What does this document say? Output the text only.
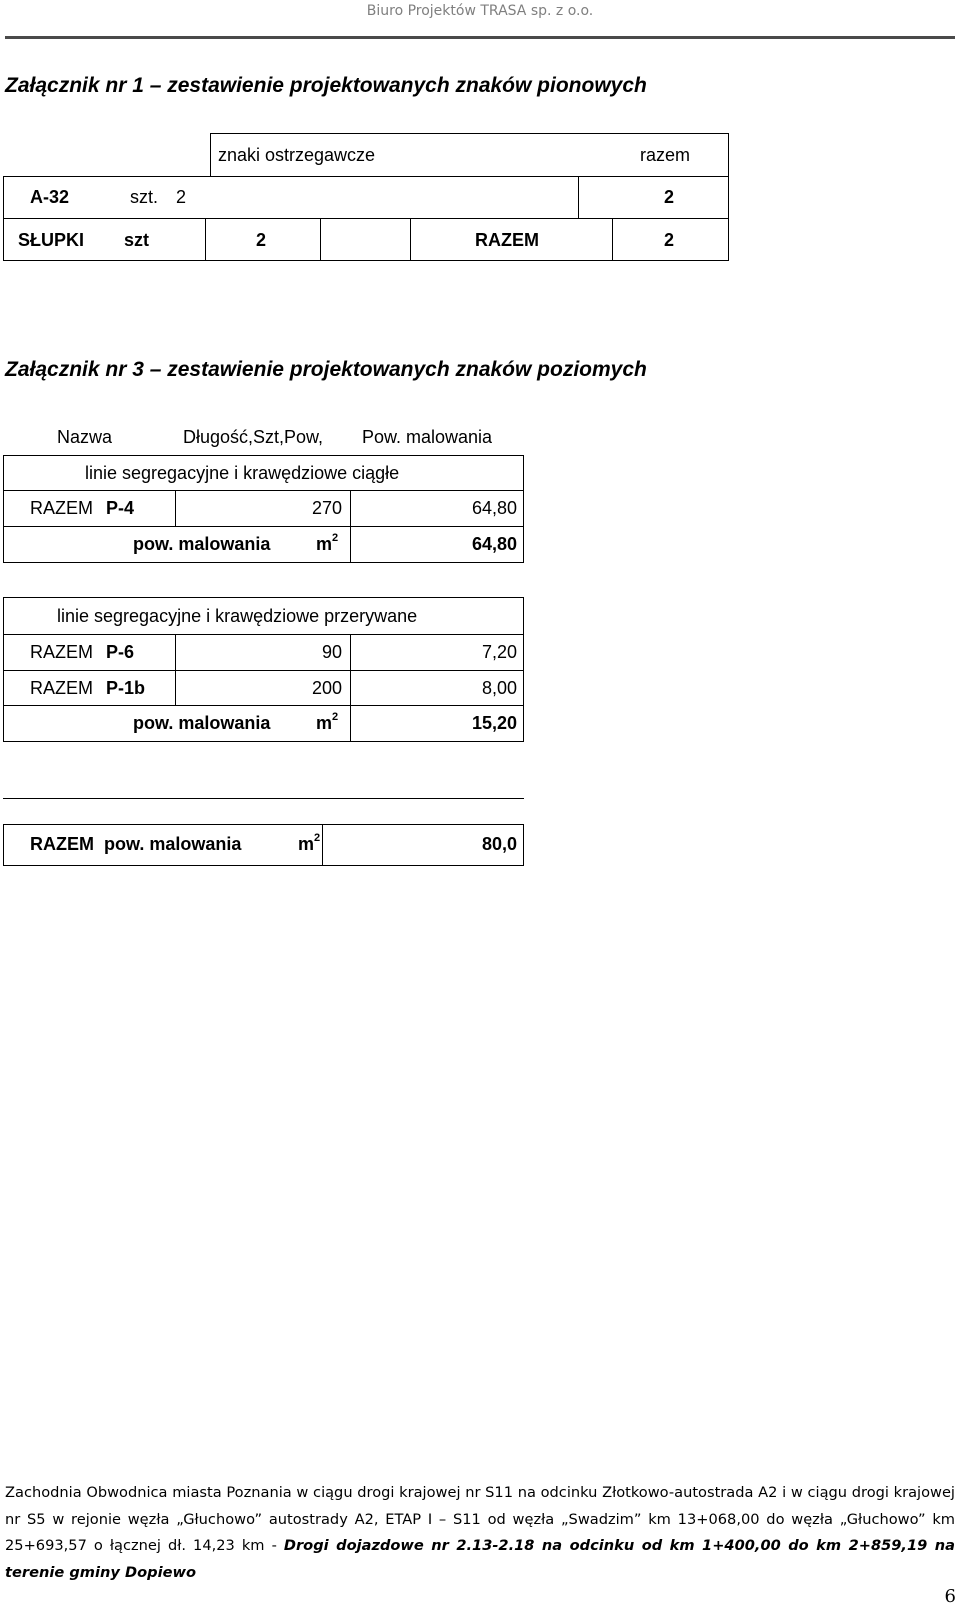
Biuro Projektów TRASA sp. z o.o.
Załącznik nr 1 – zestawienie projektowanych znaków pionowych
znaki ostrzegawcze	razem
A-32	szt. 2	2
SŁUPKI szt	2	RAZEM	2
Załącznik nr 3 – zestawienie projektowanych znaków poziomych
Nazwa	Długość,Szt,Pow, Pow. malowania
linie segregacyjne i krawędziowe ciągłe
RAZEM P-4	270	64,80
pow. malowania	$m^2$	64,80
linie segregacyjne i krawędziowe przerywane
RAZEM P-6	90	7,20
RAZEM P-1b	200	8,00
pow. malowania	$m^2$	15,20
RAZEM  pow. malowania	$m^2$	80,0
Zachodnia Obwodnica miasta Poznania w ciągu drogi krajowej nr S11 na odcinku Złotkowo-autostrada A2 i w ciągu drogi krajowej nr S5 w rejonie węzła „Głuchowo” autostrady A2, ETAP I – S11 od węzła „Swadzim” km 13+068,00 do węzła „Głuchowo” km 25+693,57 o łącznej dł. 14,23 km - Drogi dojazdowe nr 2.13-2.18 na odcinku od km 1+400,00 do km 2+859,19 na terenie gminy Dopiewo
6
